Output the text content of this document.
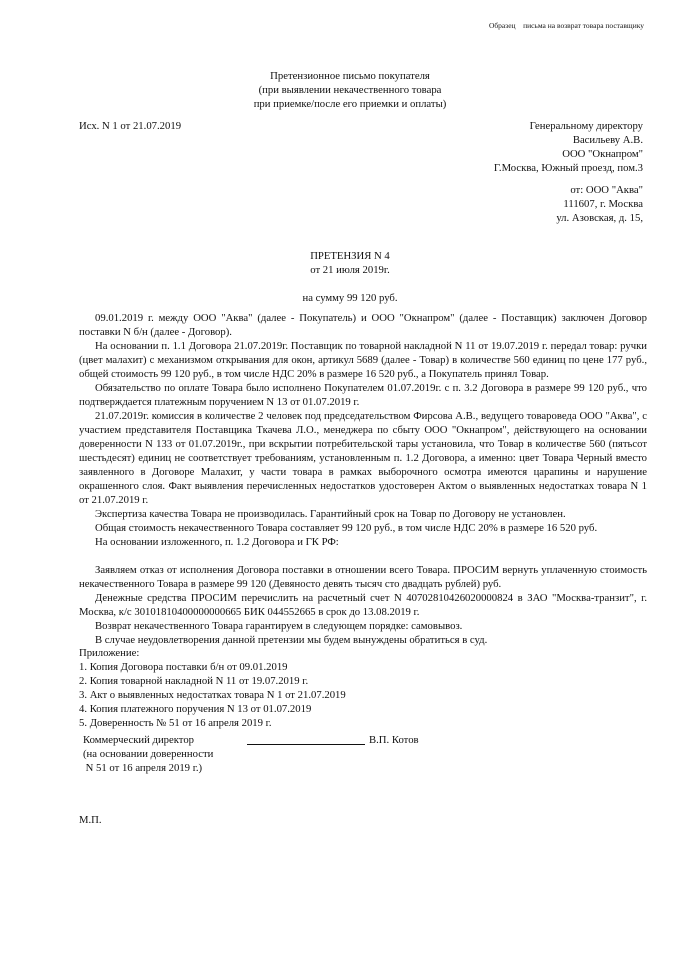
Образец    письма на возврат товара поставщику
Претензионное письмо покупателя
(при выявлении некачественного товара
при приемке/после его приемки и оплаты)
Исх. N 1 от 21.07.2019	Генеральному директору
Васильеву А.В.
ООО "Окнапром"
Г.Москва, Южный проезд, пом.3
от: ООО "Аква"
111607, г. Москва
ул. Азовская, д. 15,
ПРЕТЕНЗИЯ N 4
от 21 июля 2019г.
на сумму 99 120 руб.

09.01.2019 г. между ООО "Аква" (далее - Покупатель) и ООО "Окнапром" (далее - Поставщик) заключен Договор поставки N б/н (далее - Договор).

На основании п. 1.1 Договора 21.07.2019г. Поставщик по товарной накладной N 11 от 19.07.2019 г. передал товар: ручки (цвет малахит) с механизмом открывания для окон, артикул 5689 (далее - Товар) в количестве 560 единиц по цене 177 руб., общей стоимость 99 120 руб., в том числе НДС 20% в размере 16 520 руб., а Покупатель принял Товар.

Обязательство по оплате Товара было исполнено Покупателем 01.07.2019г. с п. 3.2 Договора в размере 99 120 руб., что подтверждается платежным поручением N 13 от 01.07.2019 г.

21.07.2019г. комиссия в количестве 2 человек под председательством Фирсова А.В., ведущего товароведа ООО "Аква", с участием представителя Поставщика Ткачева Л.О., менеджера по сбыту ООО "Окнапром", действующего на основании доверенности N 133 от 01.07.2019г., при вскрытии потребительской тары установила, что Товар в количестве 560 (пятьсот шестьдесят) единиц не соответствует требованиям, установленным п. 1.2 Договора, а именно: цвет Товара Черный вместо заявленного в Договоре Малахит, у части товара в рамках выборочного осмотра имеются царапины и нарушение окрашенного слоя. Факт выявления перечисленных недостатков удостоверен Актом о выявленных недостатках товара N 1 от 21.07.2019 г.

Экспертиза качества Товара не производилась. Гарантийный срок на Товар по Договору не установлен.

Общая стоимость некачественного Товара составляет 99 120 руб., в том числе НДС 20% в размере 16 520 руб.

На основании изложенного, п. 1.2 Договора и ГК РФ:

Заявляем отказ от исполнения Договора поставки в отношении всего Товара. ПРОСИМ вернуть уплаченную стоимость некачественного Товара в размере 99 120 (Девяносто девять тысяч сто двадцать рублей) руб.

Денежные средства ПРОСИМ перечислить на расчетный счет N 40702810426020000824 в ЗАО "Москва-транзит", г. Москва, к/с 30101810400000000665 БИК 044552665 в срок до 13.08.2019 г.

Возврат некачественного Товара гарантируем в следующем порядке: самовывоз.

В случае неудовлетворения данной претензии мы будем вынуждены обратиться в суд.

Приложение:
1. Копия Договора поставки б/н от 09.01.2019
2. Копия товарной накладной N 11 от 19.07.2019 г.
3. Акт о выявленных недостатках товара N 1 от 21.07.2019
4. Копия платежного поручения N 13 от 01.07.2019
5. Доверенность № 51 от 16 апреля 2019 г.
Коммерческий директор
(на основании доверенности
N 51 от 16 апреля 2019 г.)
В.П. Котов
М.П.
